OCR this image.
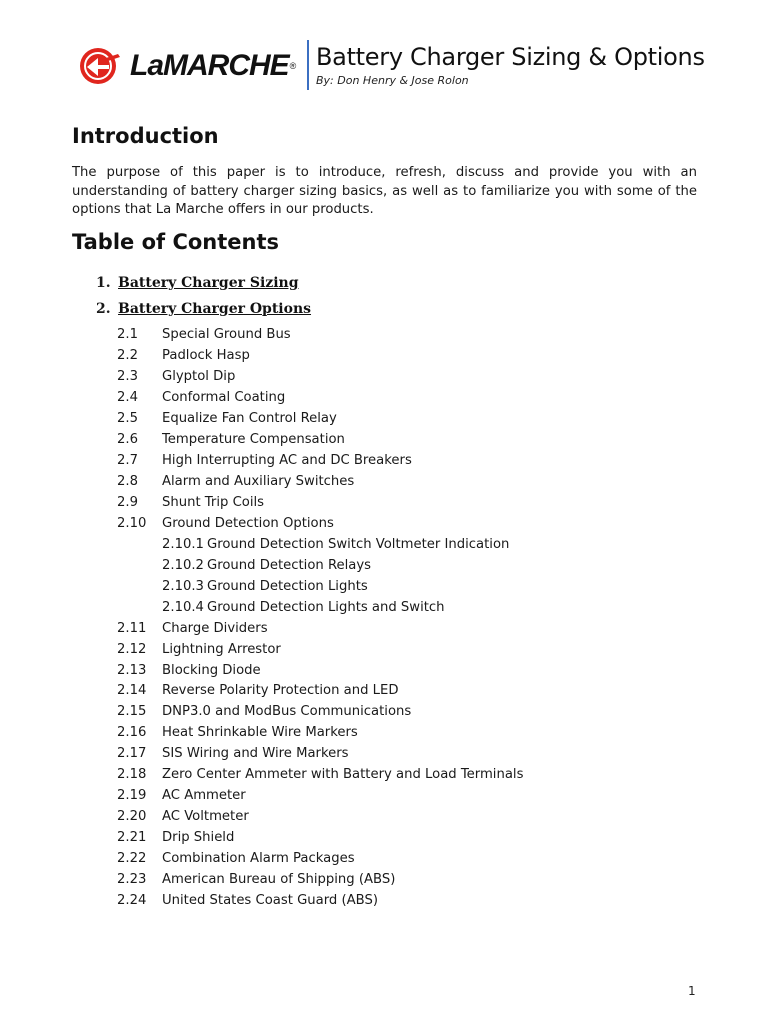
LaMARCHE® Battery Charger Sizing & Options
By: Don Henry & Jose Rolon
Introduction

The purpose of this paper is to introduce, refresh, discuss and provide you with an understanding of battery charger sizing basics, as well as to familiarize you with some of the options that La Marche offers in our products.

Table of Contents
1. Battery Charger Sizing
2. Battery Charger Options
2.1 Special Ground Bus
2.2 Padlock Hasp
2.3 Glyptol Dip
2.4 Conformal Coating
2.5 Equalize Fan Control Relay
2.6 Temperature Compensation
2.7 High Interrupting AC and DC Breakers
2.8 Alarm and Auxiliary Switches
2.9 Shunt Trip Coils
2.10 Ground Detection Options
2.10.1 Ground Detection Switch Voltmeter Indication
2.10.2 Ground Detection Relays
2.10.3 Ground Detection Lights
2.10.4 Ground Detection Lights and Switch
2.11 Charge Dividers
2.12 Lightning Arrestor
2.13 Blocking Diode
2.14 Reverse Polarity Protection and LED
2.15 DNP3.0 and ModBus Communications
2.16 Heat Shrinkable Wire Markers
2.17 SIS Wiring and Wire Markers
2.18 Zero Center Ammeter with Battery and Load Terminals
2.19 AC Ammeter
2.20 AC Voltmeter
2.21 Drip Shield
2.22 Combination Alarm Packages
2.23 American Bureau of Shipping (ABS)
2.24 United States Coast Guard (ABS)
1
